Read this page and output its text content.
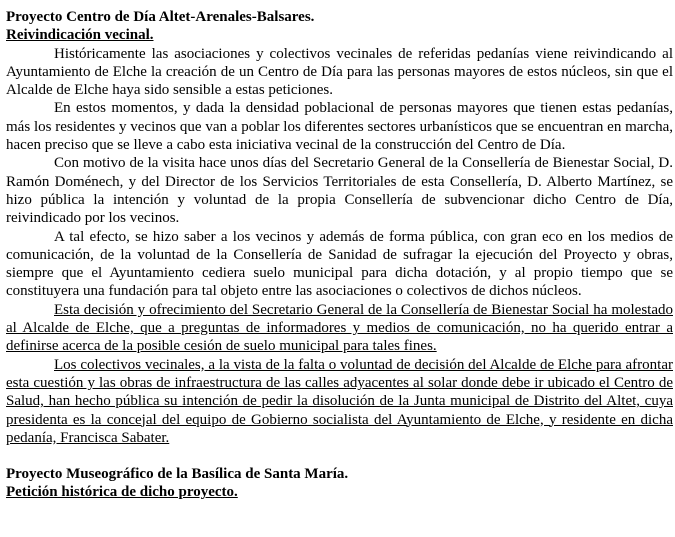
Proyecto Centro de Día Altet-Arenales-Balsares.
Reivindicación vecinal.

Históricamente las asociaciones y colectivos vecinales de referidas pedanías viene reivindicando al Ayuntamiento de Elche la creación de un Centro de Día para las personas mayores de estos núcleos, sin que el Alcalde de Elche haya sido sensible a estas peticiones.

En estos momentos, y dada la densidad poblacional de personas mayores que tienen estas pedanías, más los residentes y vecinos que van a poblar los diferentes sectores urbanísticos que se encuentran en marcha, hacen preciso que se lleve a cabo esta iniciativa vecinal de la construcción del Centro de Día.

Con motivo de la visita hace unos días del Secretario General de la Consellería de Bienestar Social, D. Ramón Doménech, y del Director de los Servicios Territoriales de esta Consellería, D. Alberto Martínez, se hizo pública la intención y voluntad de la propia Consellería de subvencionar dicho Centro de Día, reivindicado por los vecinos.

A tal efecto, se hizo saber a los vecinos y además de forma pública, con gran eco en los medios de comunicación, de la voluntad de la Consellería de Sanidad de sufragar la ejecución del Proyecto y obras, siempre que el Ayuntamiento cediera suelo municipal para dicha dotación, y al propio tiempo que se constituyera una fundación para tal objeto entre las asociaciones o colectivos de dichos núcleos.

Esta decisión y ofrecimiento del Secretario General de la Consellería de Bienestar Social ha molestado al Alcalde de Elche, que a preguntas de informadores y medios de comunicación, no ha querido entrar a definirse acerca de la posible cesión de suelo municipal para tales fines.

Los colectivos vecinales, a la vista de la falta o voluntad de decisión del Alcalde de Elche para afrontar esta cuestión y las obras de infraestructura de las calles adyacentes al solar donde debe ir ubicado el Centro de Salud, han hecho pública su intención de pedir la disolución de la Junta municipal de Distrito del Altet, cuya presidenta es la concejal del equipo de Gobierno socialista del Ayuntamiento de Elche, y residente en dicha pedanía, Francisca Sabater.

Proyecto Museográfico de la Basílica de Santa María.
Petición histórica de dicho proyecto.
